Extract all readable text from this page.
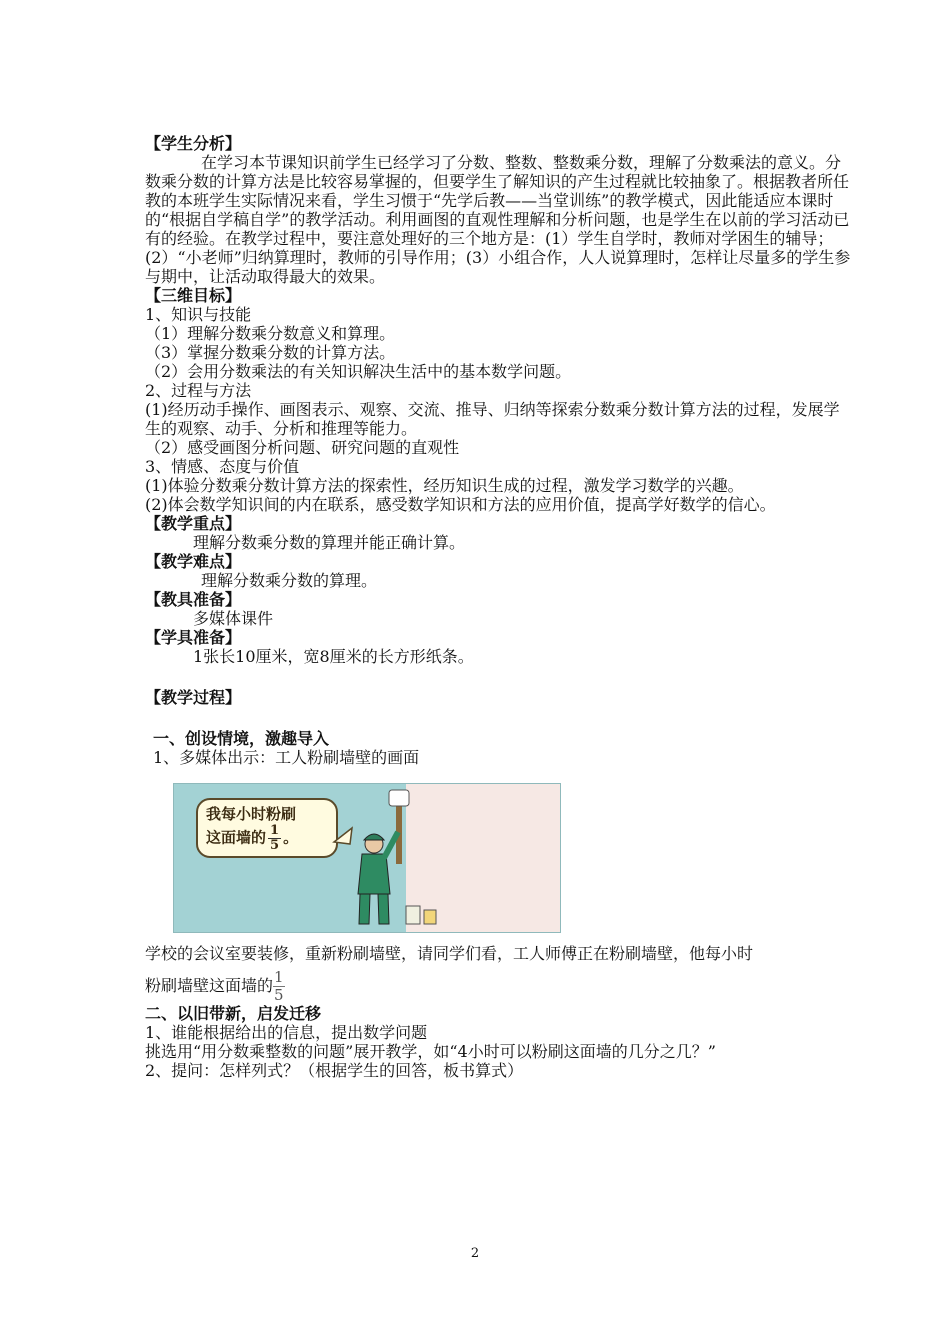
【学生分析】

在学习本节课知识前学生已经学习了分数、整数、整数乘分数，理解了分数乘法的意义。分数乘分数的计算方法是比较容易掌握的，但要学生了解知识的产生过程就比较抽象了。根据教者所任教的本班学生实际情况来看，学生习惯于“先学后教——当堂训练”的教学模式，因此能适应本课时的“根据自学稿自学”的教学活动。利用画图的直观性理解和分析问题，也是学生在以前的学习活动已有的经验。在教学过程中，要注意处理好的三个地方是：(1）学生自学时，教师对学困生的辅导；(2）“小老师”归纳算理时，教师的引导作用；(3）小组合作，人人说算理时，怎样让尽量多的学生参与期中，让活动取得最大的效果。

【三维目标】
1、知识与技能
（1）理解分数乘分数意义和算理。
（3）掌握分数乘分数的计算方法。
（2）会用分数乘法的有关知识解决生活中的基本数学问题。
2、过程与方法
(1)经历动手操作、画图表示、观察、交流、推导、归纳等探索分数乘分数计算方法的过程，发展学生的观察、动手、分析和推理等能力。
（2）感受画图分析问题、研究问题的直观性
3、情感、态度与价值
(1)体验分数乘分数计算方法的探索性，经历知识生成的过程，激发学习数学的兴趣。
(2)体会数学知识间的内在联系，感受数学知识和方法的应用价值，提高学好数学的信心。
【教学重点】
理解分数乘分数的算理并能正确计算。
【教学难点】
理解分数乘分数的算理。
【教具准备】
多媒体课件
【学具准备】
1张长10厘米，宽8厘米的长方形纸条。
【教学过程】
一、创设情境，激趣导入
1、多媒体出示：工人粉刷墙壁的画面
我每小时粉刷
这面墙的 $\frac{1}{5}$ 。
学校的会议室要装修，重新粉刷墙壁，请同学们看，工人师傅正在粉刷墙壁，他每小时
粉刷墙壁这面墙的 $\frac{1}{5}$
二、以旧带新，启发迁移
1、谁能根据给出的信息，提出数学问题
挑选用“用分数乘整数的问题”展开教学，如“4小时可以粉刷这面墙的几分之几？”
2、提问：怎样列式？（根据学生的回答，板书算式）
2
